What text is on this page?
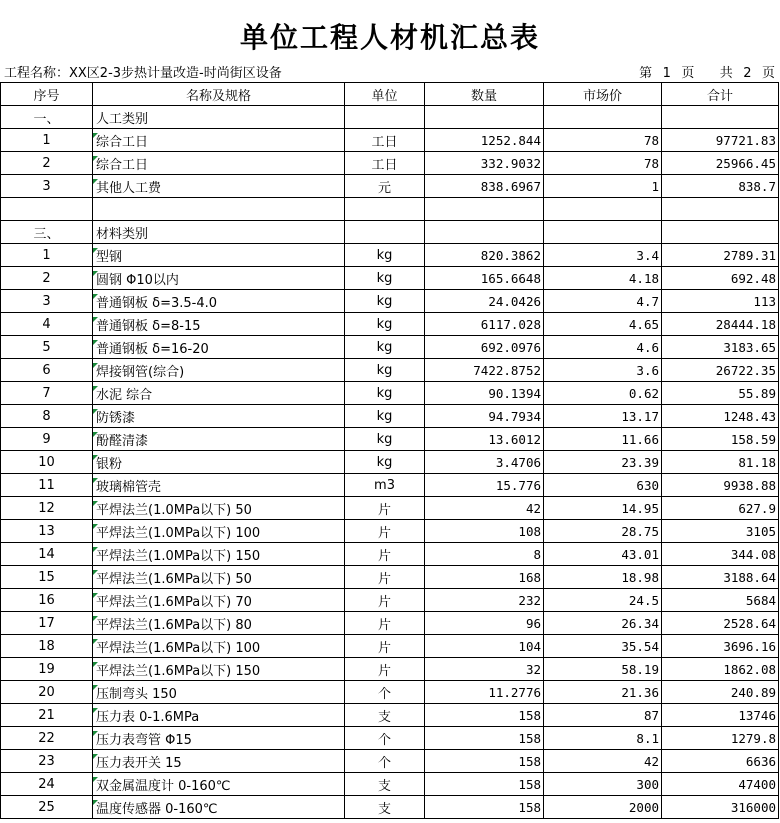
单位工程人材机汇总表
工程名称：XX区2-3步热计量改造-时尚街区设备	第 1 页 共 2 页
序号	名称及规格	单位	数量	市场价	合计
一、	人工类别				
1	综合工日	工日	1252.844	78	97721.83
2	综合工日	工日	332.9032	78	25966.45
3	其他人工费	元	838.6967	1	838.7

三、	材料类别				
1	型钢	kg	820.3862	3.4	2789.31
2	圆钢 Φ10以内	kg	165.6648	4.18	692.48
3	普通钢板 δ=3.5-4.0	kg	24.0426	4.7	113
4	普通钢板 δ=8-15	kg	6117.028	4.65	28444.18
5	普通钢板 δ=16-20	kg	692.0976	4.6	3183.65
6	焊接钢管(综合)	kg	7422.8752	3.6	26722.35
7	水泥 综合	kg	90.1394	0.62	55.89
8	防锈漆	kg	94.7934	13.17	1248.43
9	酚醛清漆	kg	13.6012	11.66	158.59
10	银粉	kg	3.4706	23.39	81.18
11	玻璃棉管壳	m3	15.776	630	9938.88
12	平焊法兰(1.0MPa以下) 50	片	42	14.95	627.9
13	平焊法兰(1.0MPa以下) 100	片	108	28.75	3105
14	平焊法兰(1.0MPa以下) 150	片	8	43.01	344.08
15	平焊法兰(1.6MPa以下) 50	片	168	18.98	3188.64
16	平焊法兰(1.6MPa以下) 70	片	232	24.5	5684
17	平焊法兰(1.6MPa以下) 80	片	96	26.34	2528.64
18	平焊法兰(1.6MPa以下) 100	片	104	35.54	3696.16
19	平焊法兰(1.6MPa以下) 150	片	32	58.19	1862.08
20	压制弯头 150	个	11.2776	21.36	240.89
21	压力表 0-1.6MPa	支	158	87	13746
22	压力表弯管 Φ15	个	158	8.1	1279.8
23	压力表开关 15	个	158	42	6636
24	双金属温度计 0-160℃	支	158	300	47400
25	温度传感器 0-160℃	支	158	2000	316000
